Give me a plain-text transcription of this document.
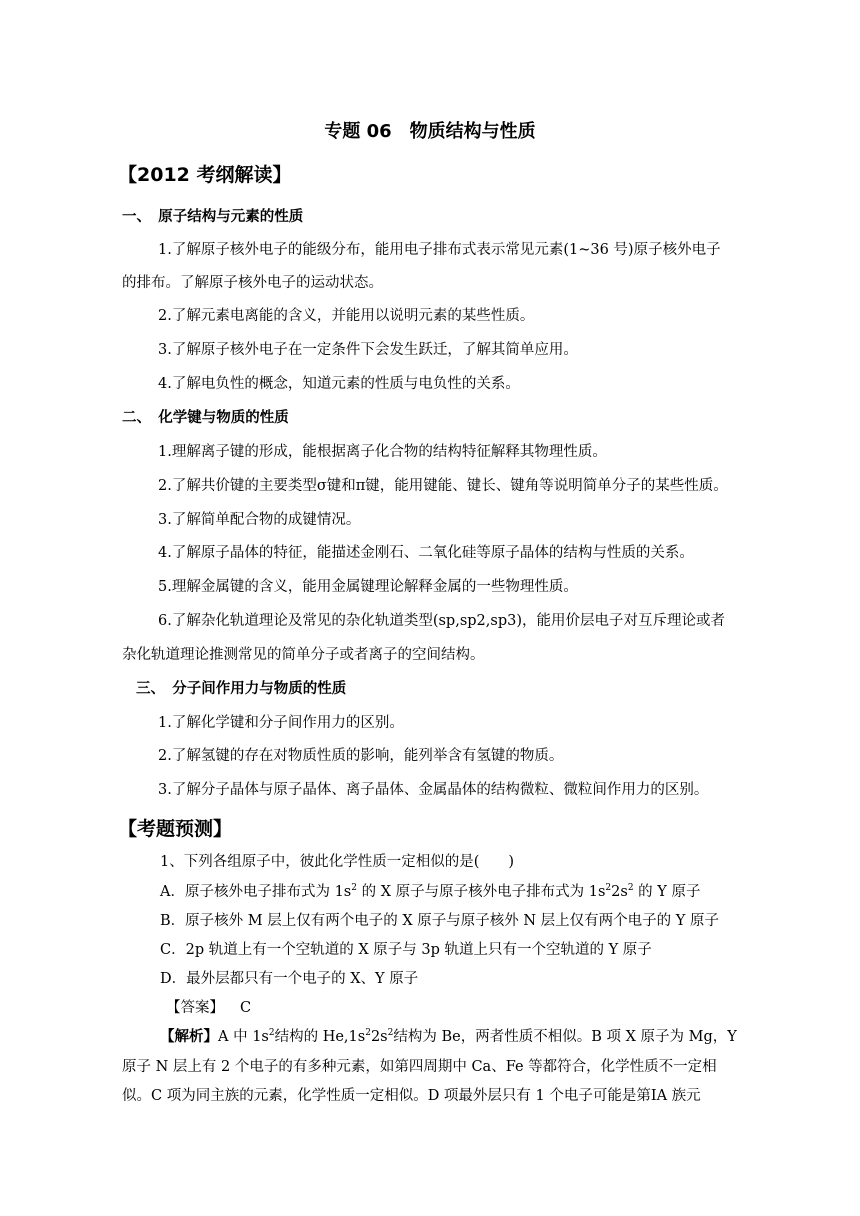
专题 06　物质结构与性质
【2012 考纲解读】
一、　原子结构与元素的性质
1.了解原子核外电子的能级分布，能用电子排布式表示常见元素(1~36 号)原子核外电子
的排布。了解原子核外电子的运动状态。
2.了解元素电离能的含义，并能用以说明元素的某些性质。
3.了解原子核外电子在一定条件下会发生跃迁，了解其简单应用。
4.了解电负性的概念，知道元素的性质与电负性的关系。
二、　化学键与物质的性质
1.理解离子键的形成，能根据离子化合物的结构特征解释其物理性质。
2.了解共价键的主要类型σ键和π键，能用键能、键长、键角等说明简单分子的某些性质。
3.了解简单配合物的成键情况。
4.了解原子晶体的特征，能描述金刚石、二氧化硅等原子晶体的结构与性质的关系。
5.理解金属键的含义，能用金属键理论解释金属的一些物理性质。
6.了解杂化轨道理论及常见的杂化轨道类型(sp,sp2,sp3)，能用价层电子对互斥理论或者
杂化轨道理论推测常见的简单分子或者离子的空间结构。
三、　分子间作用力与物质的性质
1.了解化学键和分子间作用力的区别。
2.了解氢键的存在对物质性质的影响，能列举含有氢键的物质。
3.了解分子晶体与原子晶体、离子晶体、金属晶体的结构微粒、微粒间作用力的区别。
【考题预测】
1、下列各组原子中，彼此化学性质一定相似的是(　　)
A．原子核外电子排布式为 $1s^2$ 的 X 原子与原子核外电子排布式为 $1s^22s^2$ 的 Y 原子
B．原子核外 M 层上仅有两个电子的 X 原子与原子核外 N 层上仅有两个电子的 Y 原子
C．2p 轨道上有一个空轨道的 X 原子与 3p 轨道上只有一个空轨道的 Y 原子
D．最外层都只有一个电子的 X、Y 原子
【答案】 C
【解析】A 中 $1s^2$结构的 $He,1s^22s^2$结构为 Be，两者性质不相似。B 项 X 原子为 Mg，Y
原子 N 层上有 2 个电子的有多种元素，如第四周期中 Ca、Fe 等都符合，化学性质不一定相
似。C 项为同主族的元素，化学性质一定相似。D 项最外层只有 1 个电子可能是第ⅠA 族元
